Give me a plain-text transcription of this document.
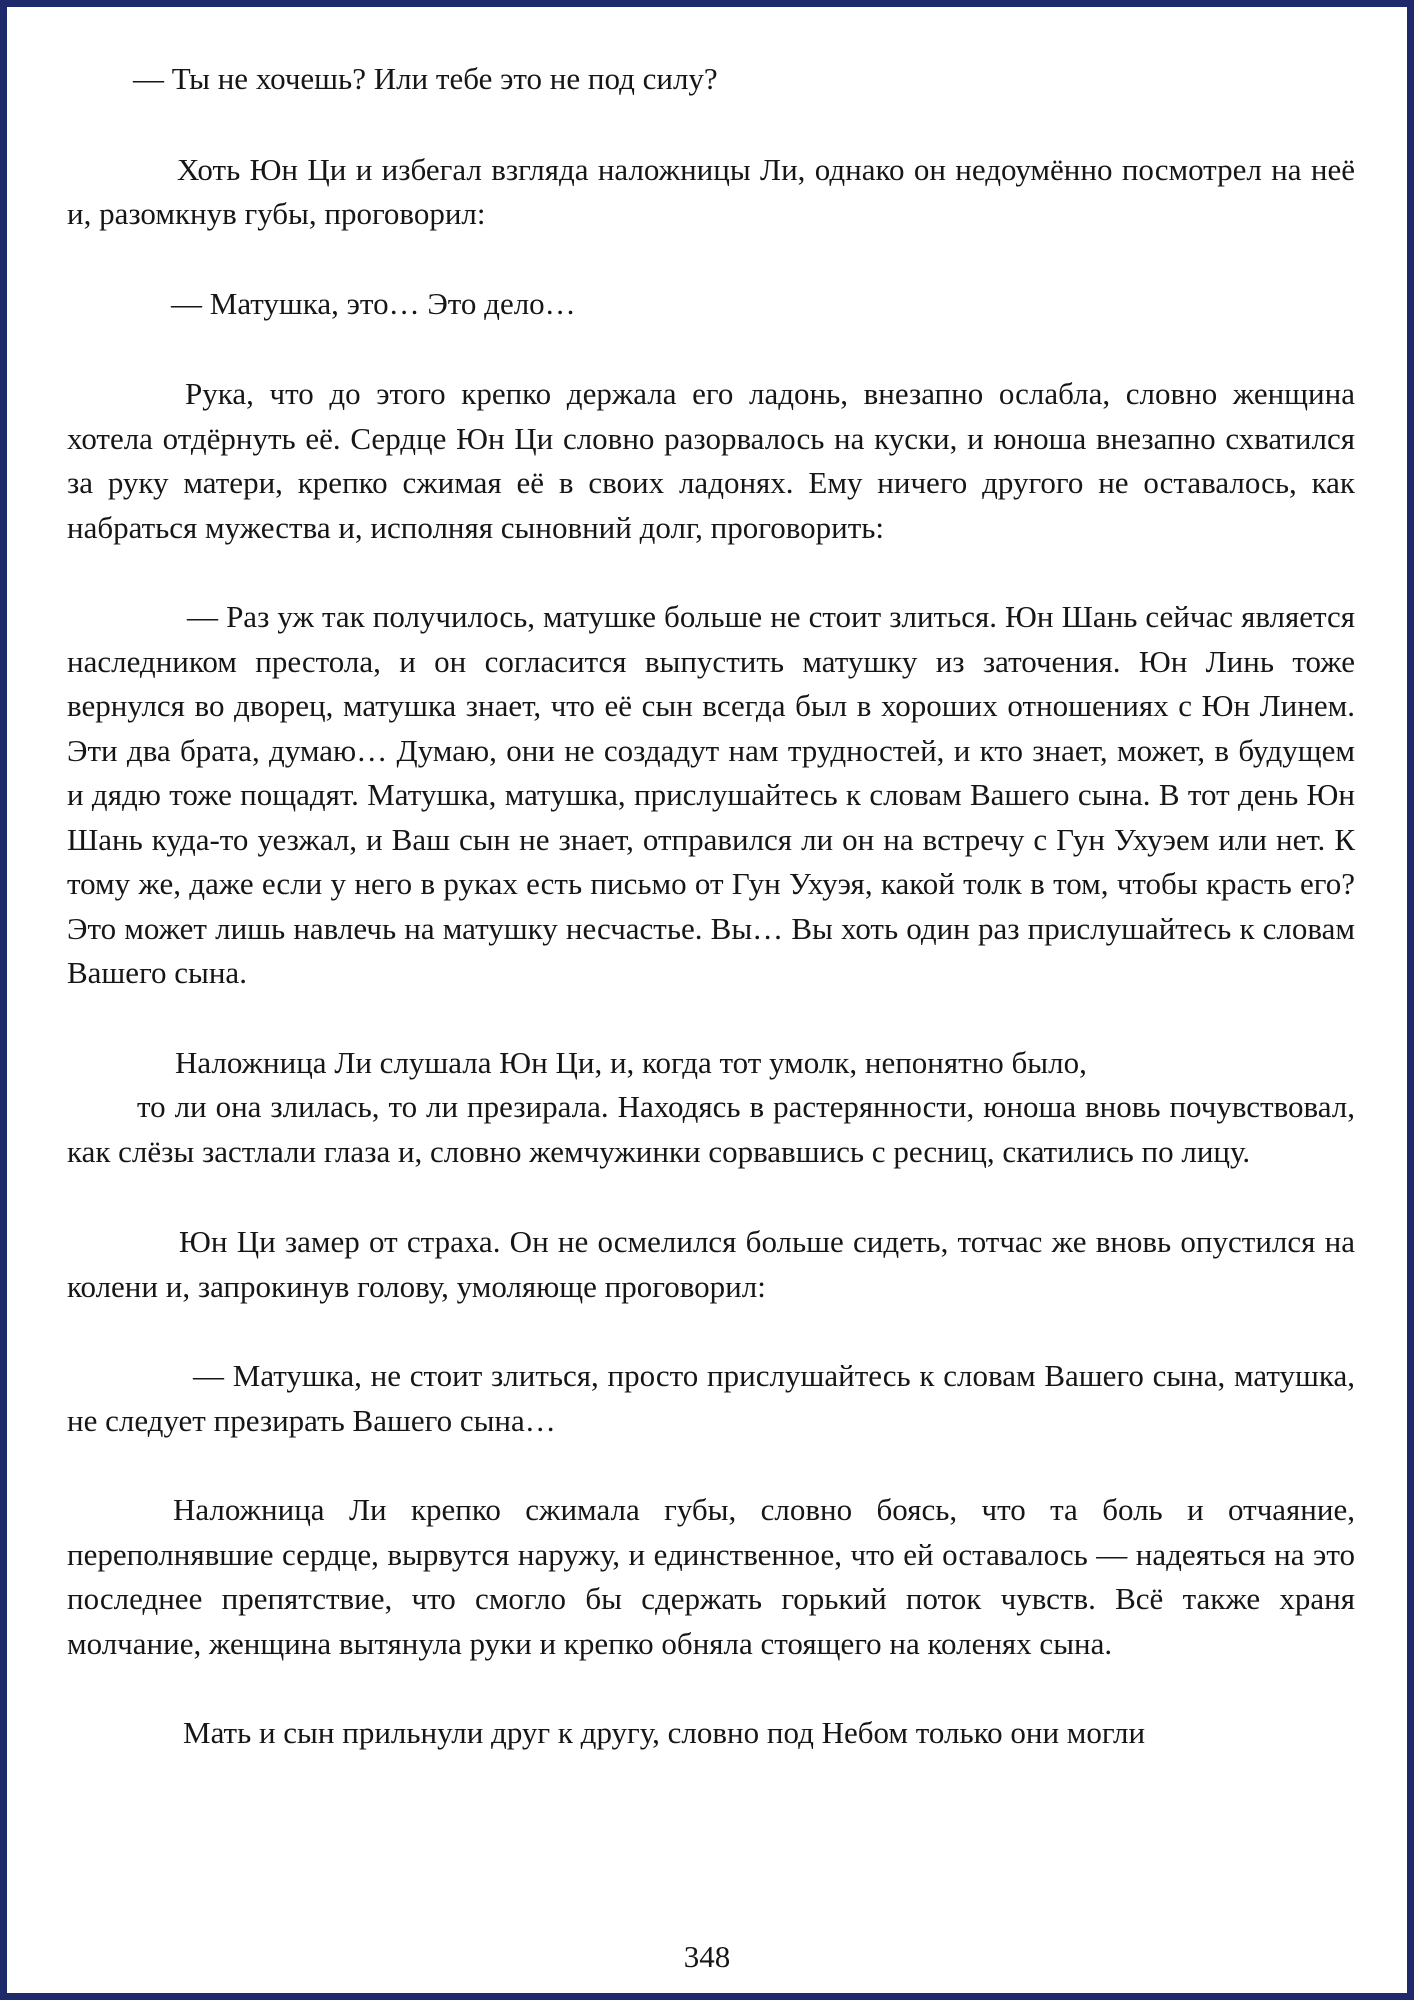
— Ты не хочешь? Или тебе это не под силу?

Хоть Юн Ци и избегал взгляда наложницы Ли, однако он недоумённо посмотрел на неё и, разомкнув губы, проговорил:

— Матушка, это… Это дело…

Рука, что до этого крепко держала его ладонь, внезапно ослабла, словно женщина хотела отдёрнуть её. Сердце Юн Ци словно разорвалось на куски, и юноша внезапно схватился за руку матери, крепко сжимая её в своих ладонях. Ему ничего другого не оставалось, как набраться мужества и, исполняя сыновний долг, проговорить:

— Раз уж так получилось, матушке больше не стоит злиться. Юн Шань сейчас является наследником престола, и он согласится выпустить матушку из заточения. Юн Линь тоже вернулся во дворец, матушка знает, что её сын всегда был в хороших отношениях с Юн Линем. Эти два брата, думаю… Думаю, они не создадут нам трудностей, и кто знает, может, в будущем и дядю тоже пощадят. Матушка, матушка, прислушайтесь к словам Вашего сына. В тот день Юн Шань куда-то уезжал, и Ваш сын не знает, отправился ли он на встречу с Гун Ухуэем или нет. К тому же, даже если у него в руках есть письмо от Гун Ухуэя, какой толк в том, чтобы красть его? Это может лишь навлечь на матушку несчастье. Вы… Вы хоть один раз прислушайтесь к словам Вашего сына.

Наложница Ли слушала Юн Ци, и, когда тот умолк, непонятно было,
то ли она злилась, то ли презирала. Находясь в растерянности, юноша вновь почувствовал, как слёзы застлали глаза и, словно жемчужинки сорвавшись с ресниц, скатились по лицу.

Юн Ци замер от страха. Он не осмелился больше сидеть, тотчас же вновь опустился на колени и, запрокинув голову, умоляюще проговорил:

— Матушка, не стоит злиться, просто прислушайтесь к словам Вашего сына, матушка, не следует презирать Вашего сына…

Наложница Ли крепко сжимала губы, словно боясь, что та боль и отчаяние, переполнявшие сердце, вырвутся наружу, и единственное, что ей оставалось — надеяться на это последнее препятствие, что смогло бы сдержать горький поток чувств. Всё также храня молчание, женщина вытянула руки и крепко обняла стоящего на коленях сына.

Мать и сын прильнули друг к другу, словно под Небом только они могли

348
